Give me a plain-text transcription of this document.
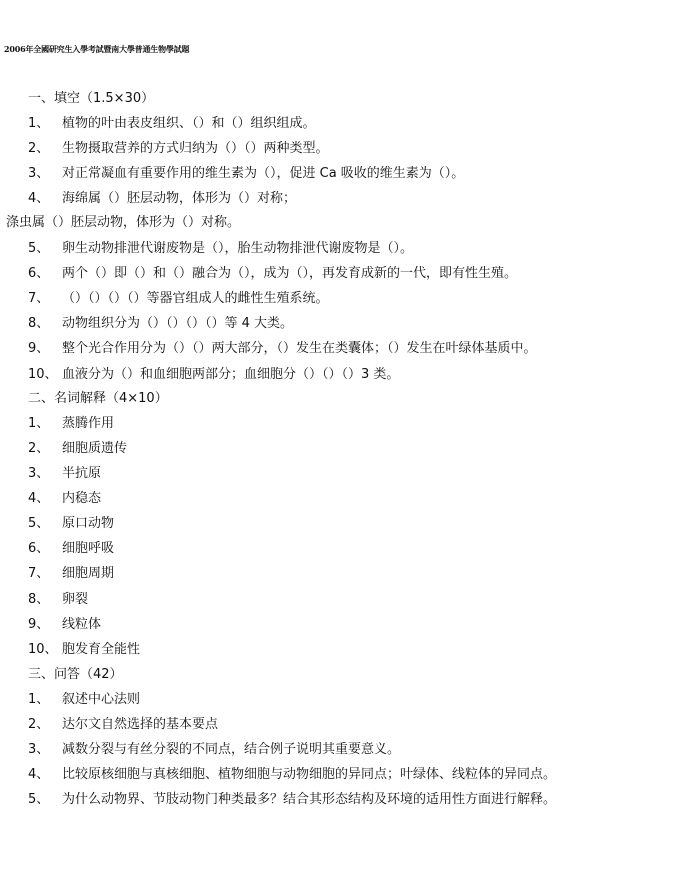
2006年全國研究生入學考試暨南大學普通生物學試題
一、填空（1.5×30）
1、 植物的叶由表皮组织、（）和（）组织组成。
2、 生物摄取营养的方式归纳为（）（）两种类型。
3、 对正常凝血有重要作用的维生素为（），促进 Ca 吸收的维生素为（）。
4、 海绵属（）胚层动物，体形为（）对称；
涤虫属（）胚层动物，体形为（）对称。
5、 卵生动物排泄代谢废物是（），胎生动物排泄代谢废物是（）。
6、 两个（）即（）和（）融合为（），成为（），再发育成新的一代，即有性生殖。
7、 （）（）（）（）等器官组成人的雌性生殖系统。
8、 动物组织分为（）（）（）（）等 4 大类。
9、 整个光合作用分为（）（）两大部分，（）发生在类囊体；（）发生在叶绿体基质中。
10、 血液分为（）和血细胞两部分；血细胞分（）（）（）3 类。
二、名词解释（4×10）
1、 蒸腾作用
2、 细胞质遗传
3、 半抗原
4、 内稳态
5、 原口动物
6、 细胞呼吸
7、 细胞周期
8、 卵裂
9、 线粒体
10、 胞发育全能性
三、问答（42）
1、 叙述中心法则
2、 达尔文自然选择的基本要点
3、 减数分裂与有丝分裂的不同点，结合例子说明其重要意义。
4、 比较原核细胞与真核细胞、植物细胞与动物细胞的异同点；叶绿体、线粒体的异同点。
5、 为什么动物界、节肢动物门种类最多？结合其形态结构及环境的适用性方面进行解释。
